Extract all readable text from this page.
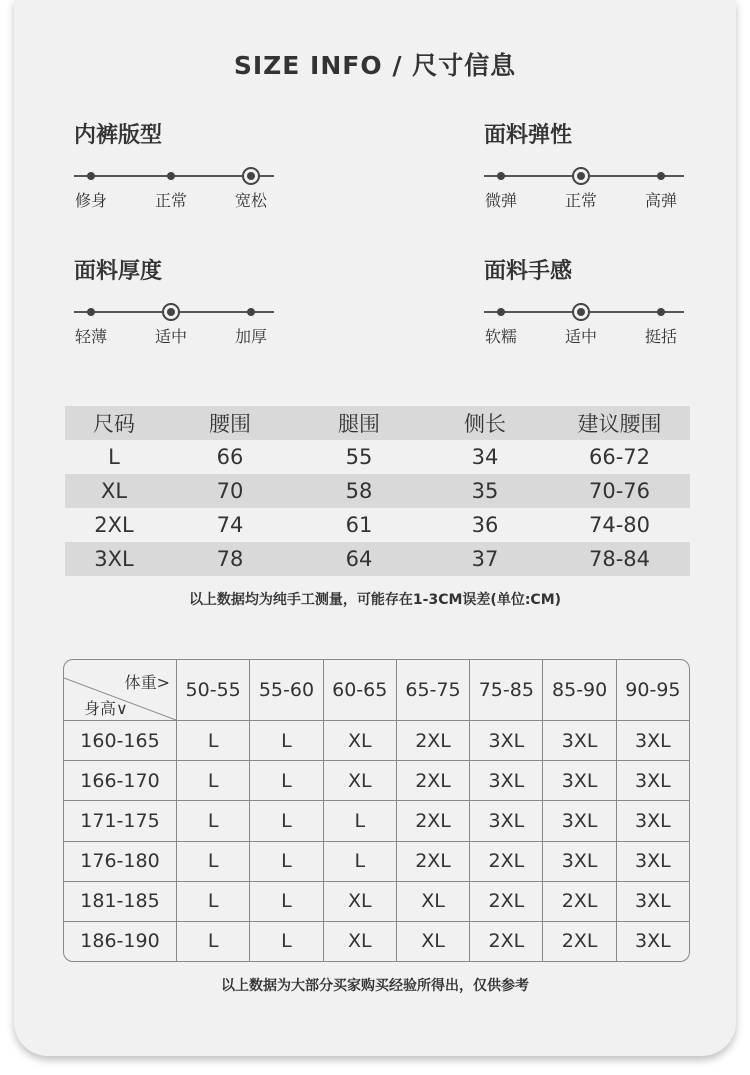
SIZE INFO / 尺寸信息
内裤版型
修身	正常	宽松
面料弹性
微弹	正常	高弹
面料厚度
轻薄	适中	加厚
面料手感
软糯	适中	挺括
尺码	腰围	腿围	侧长	建议腰围
L	66	55	34	66-72
XL	70	58	35	70-76
2XL	74	61	36	74-80
3XL	78	64	37	78-84
以上数据均为纯手工测量，可能存在1-3CM误差(单位:CM)
体重>
身高∨	50-55	55-60	60-65	65-75	75-85	85-90	90-95
160-165	L	L	XL	2XL	3XL	3XL	3XL
166-170	L	L	XL	2XL	3XL	3XL	3XL
171-175	L	L	L	2XL	3XL	3XL	3XL
176-180	L	L	L	2XL	2XL	3XL	3XL
181-185	L	L	XL	XL	2XL	2XL	3XL
186-190	L	L	XL	XL	2XL	2XL	3XL
以上数据为大部分买家购买经验所得出，仅供参考
